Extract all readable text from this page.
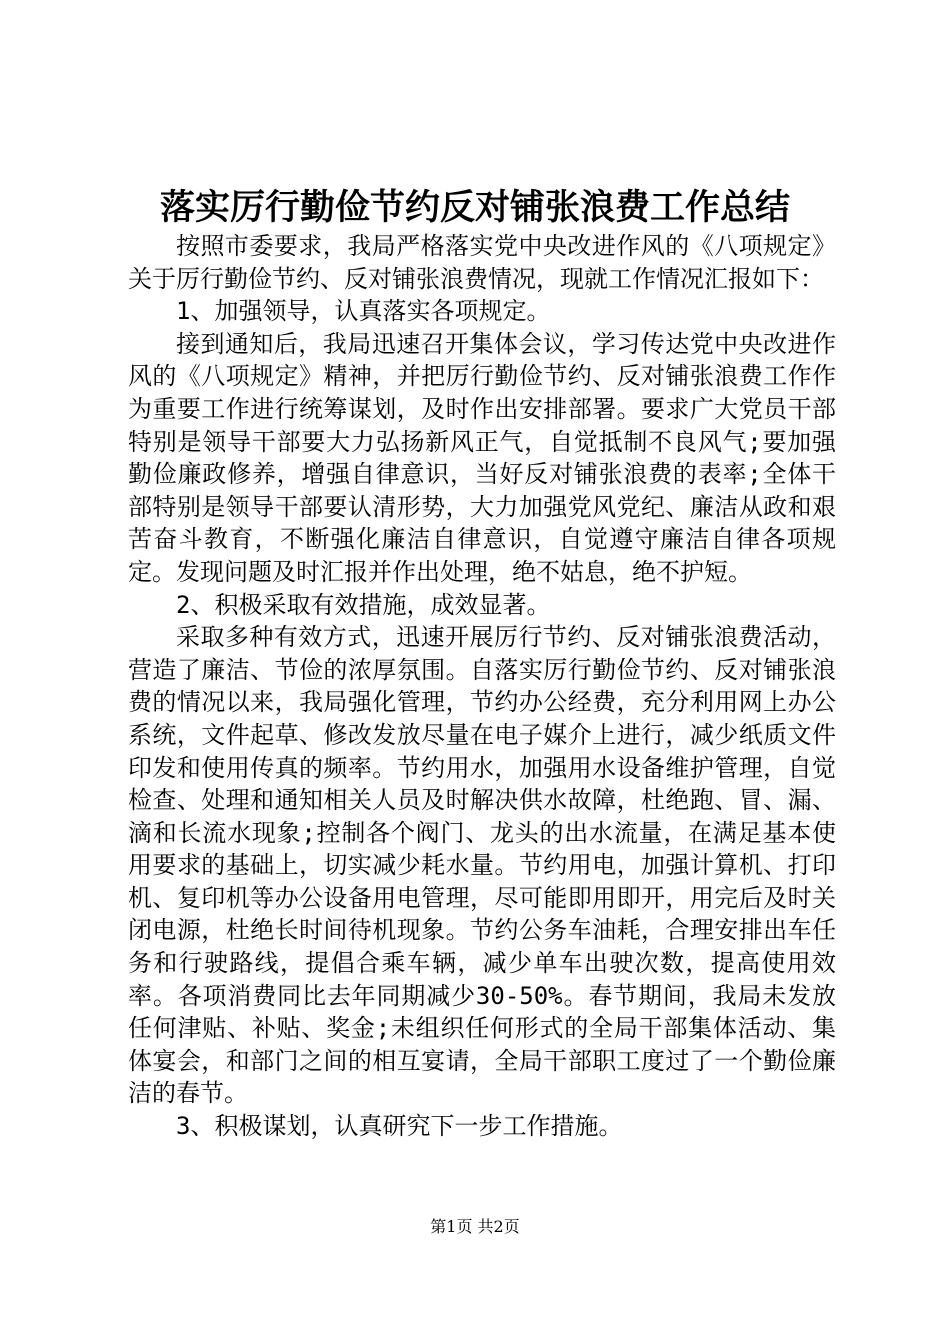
落实厉行勤俭节约反对铺张浪费工作总结

按照市委要求，我局严格落实党中央改进作风的《八项规定》关于厉行勤俭节约、反对铺张浪费情况，现就工作情况汇报如下：

1、加强领导，认真落实各项规定。

接到通知后，我局迅速召开集体会议，学习传达党中央改进作风的《八项规定》精神，并把厉行勤俭节约、反对铺张浪费工作作为重要工作进行统筹谋划，及时作出安排部署。要求广大党员干部特别是领导干部要大力弘扬新风正气，自觉抵制不良风气;要加强勤俭廉政修养，增强自律意识，当好反对铺张浪费的表率;全体干部特别是领导干部要认清形势，大力加强党风党纪、廉洁从政和艰苦奋斗教育，不断强化廉洁自律意识，自觉遵守廉洁自律各项规定。发现问题及时汇报并作出处理，绝不姑息，绝不护短。

2、积极采取有效措施，成效显著。

采取多种有效方式，迅速开展厉行节约、反对铺张浪费活动，营造了廉洁、节俭的浓厚氛围。自落实厉行勤俭节约、反对铺张浪费的情况以来，我局强化管理，节约办公经费，充分利用网上办公系统，文件起草、修改发放尽量在电子媒介上进行，减少纸质文件印发和使用传真的频率。节约用水，加强用水设备维护管理，自觉检查、处理和通知相关人员及时解决供水故障，杜绝跑、冒、漏、滴和长流水现象;控制各个阀门、龙头的出水流量，在满足基本使用要求的基础上，切实减少耗水量。节约用电，加强计算机、打印机、复印机等办公设备用电管理，尽可能即用即开，用完后及时关闭电源，杜绝长时间待机现象。节约公务车油耗，合理安排出车任务和行驶路线，提倡合乘车辆，减少单车出驶次数，提高使用效率。各项消费同比去年同期减少30-50%。春节期间，我局未发放任何津贴、补贴、奖金;未组织任何形式的全局干部集体活动、集体宴会，和部门之间的相互宴请，全局干部职工度过了一个勤俭廉洁的春节。

3、积极谋划，认真研究下一步工作措施。

第1页 共2页
